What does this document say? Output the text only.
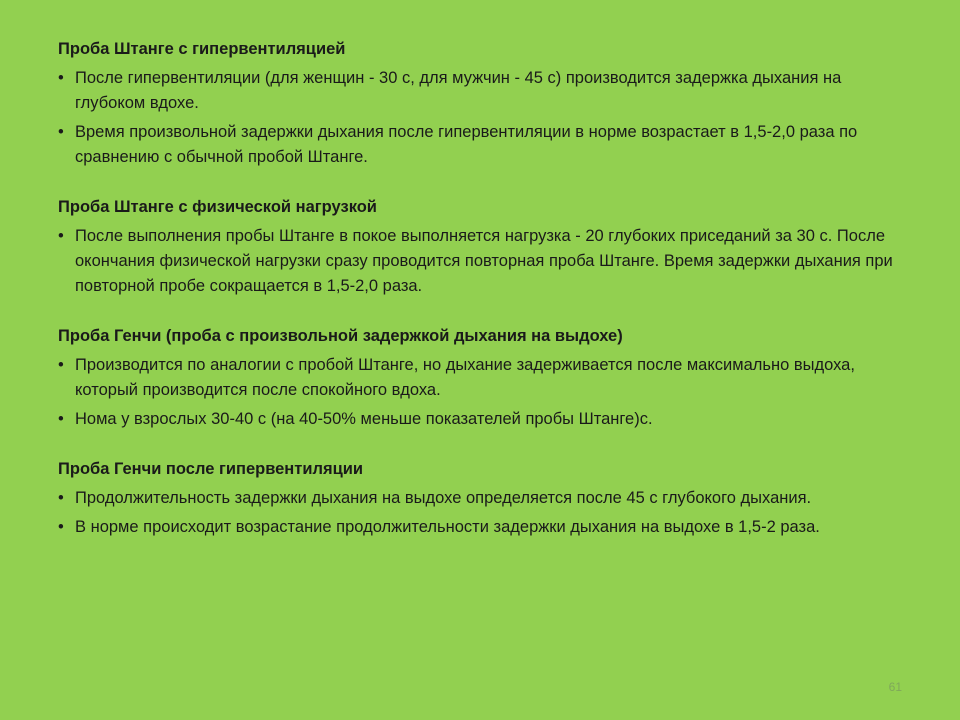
Проба Штанге с гипервентиляцией
• После гипервентиляции (для женщин - 30 с, для мужчин - 45 с) производится задержка дыхания на глубоком вдохе.
• Время произвольной задержки дыхания после гипервентиляции в норме возрастает в 1,5-2,0 раза по сравнению с обычной пробой Штанге.
Проба Штанге с физической нагрузкой
• После выполнения пробы Штанге в покое выполняется нагрузка - 20 глубоких приседаний за 30 с. После окончания физической нагрузки сразу проводится повторная проба Штанге. Время задержки дыхания при повторной пробе сокращается в 1,5-2,0 раза.
Проба Генчи (проба с произвольной задержкой дыхания на выдохе)
• Производится по аналогии с пробой Штанге, но дыхание задерживается после максимально выдоха, который производится после спокойного вдоха.
• Нома у взрослых 30-40 с (на 40-50% меньше показателей пробы Штанге)с.
Проба Генчи после гипервентиляции
• Продолжительность задержки дыхания на выдохе определяется после 45 с глубокого дыхания.
• В норме происходит возрастание продолжительности задержки дыхания на выдохе в 1,5-2 раза.
61
